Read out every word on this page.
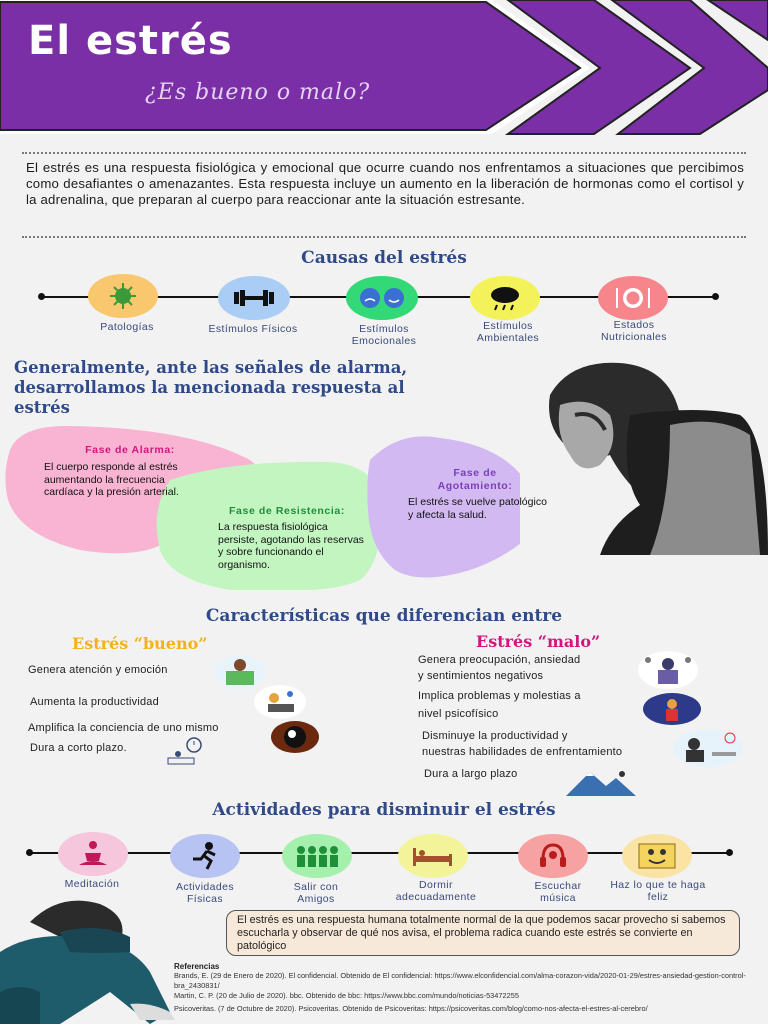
El estrés
¿Es bueno o malo?
El estrés es una respuesta fisiológica y emocional que ocurre cuando nos enfrentamos a situaciones que percibimos como desafiantes o amenazantes. Esta respuesta incluye un aumento en la liberación de hormonas como el cortisol y la adrenalina, que preparan al cuerpo para reaccionar ante la situación estresante.
Causas del estrés
Patologías	Estímulos Físicos	Estímulos Emocionales
Estímulos Ambientales
Estados Nutricionales
Generalmente, ante las señales de alarma, desarrollamos la mencionada respuesta al estrés
Fase de Alarma:
El cuerpo responde al estrés aumentando la frecuencia cardíaca y la presión arterial.
Fase de Resistencia:
La respuesta fisiológica persiste, agotando las reservas y sobre funcionando el organismo.
Fase de Agotamiento:
El estrés se vuelve patológico y afecta la salud.
Características que diferencian entre
Estrés “bueno”	Estrés “malo”
Genera atención y emoción
Aumenta la productividad
Amplifica la conciencia de uno mismo
Dura a corto plazo.
Genera preocupación, ansiedad
y sentimientos negativos
Implica problemas y molestias a
nivel psicofísico
Disminuye la productividad y
nuestras habilidades de enfrentamiento
Dura a largo plazo
Actividades para disminuir el estrés
Meditación	Actividades Físicas
Salir con Amigos
Dormir adecuadamente
Escuchar música
Haz lo que te haga feliz
El estrés es una respuesta humana totalmente normal de la que podemos sacar provecho si sabemos escucharla y observar de qué nos avisa, el problema radica cuando este estrés se convierte en patológico
Referencias
Brands, E. (29 de Enero de 2020). El confidencial. Obtenido de El confidencial: https://www.elconfidencial.com/alma-corazon-vida/2020-01-29/estres-ansiedad-gestion-control-bra_2430831/
Martin, C. P. (20 de Julio de 2020). bbc. Obtenido de bbc: https://www.bbc.com/mundo/noticias-53472255
Psicoveritas. (7 de Octubre de 2020). Psicoveritas. Obtenido de Psicoveritas: https://psicoveritas.com/blog/como-nos-afecta-el-estres-al-cerebro/
